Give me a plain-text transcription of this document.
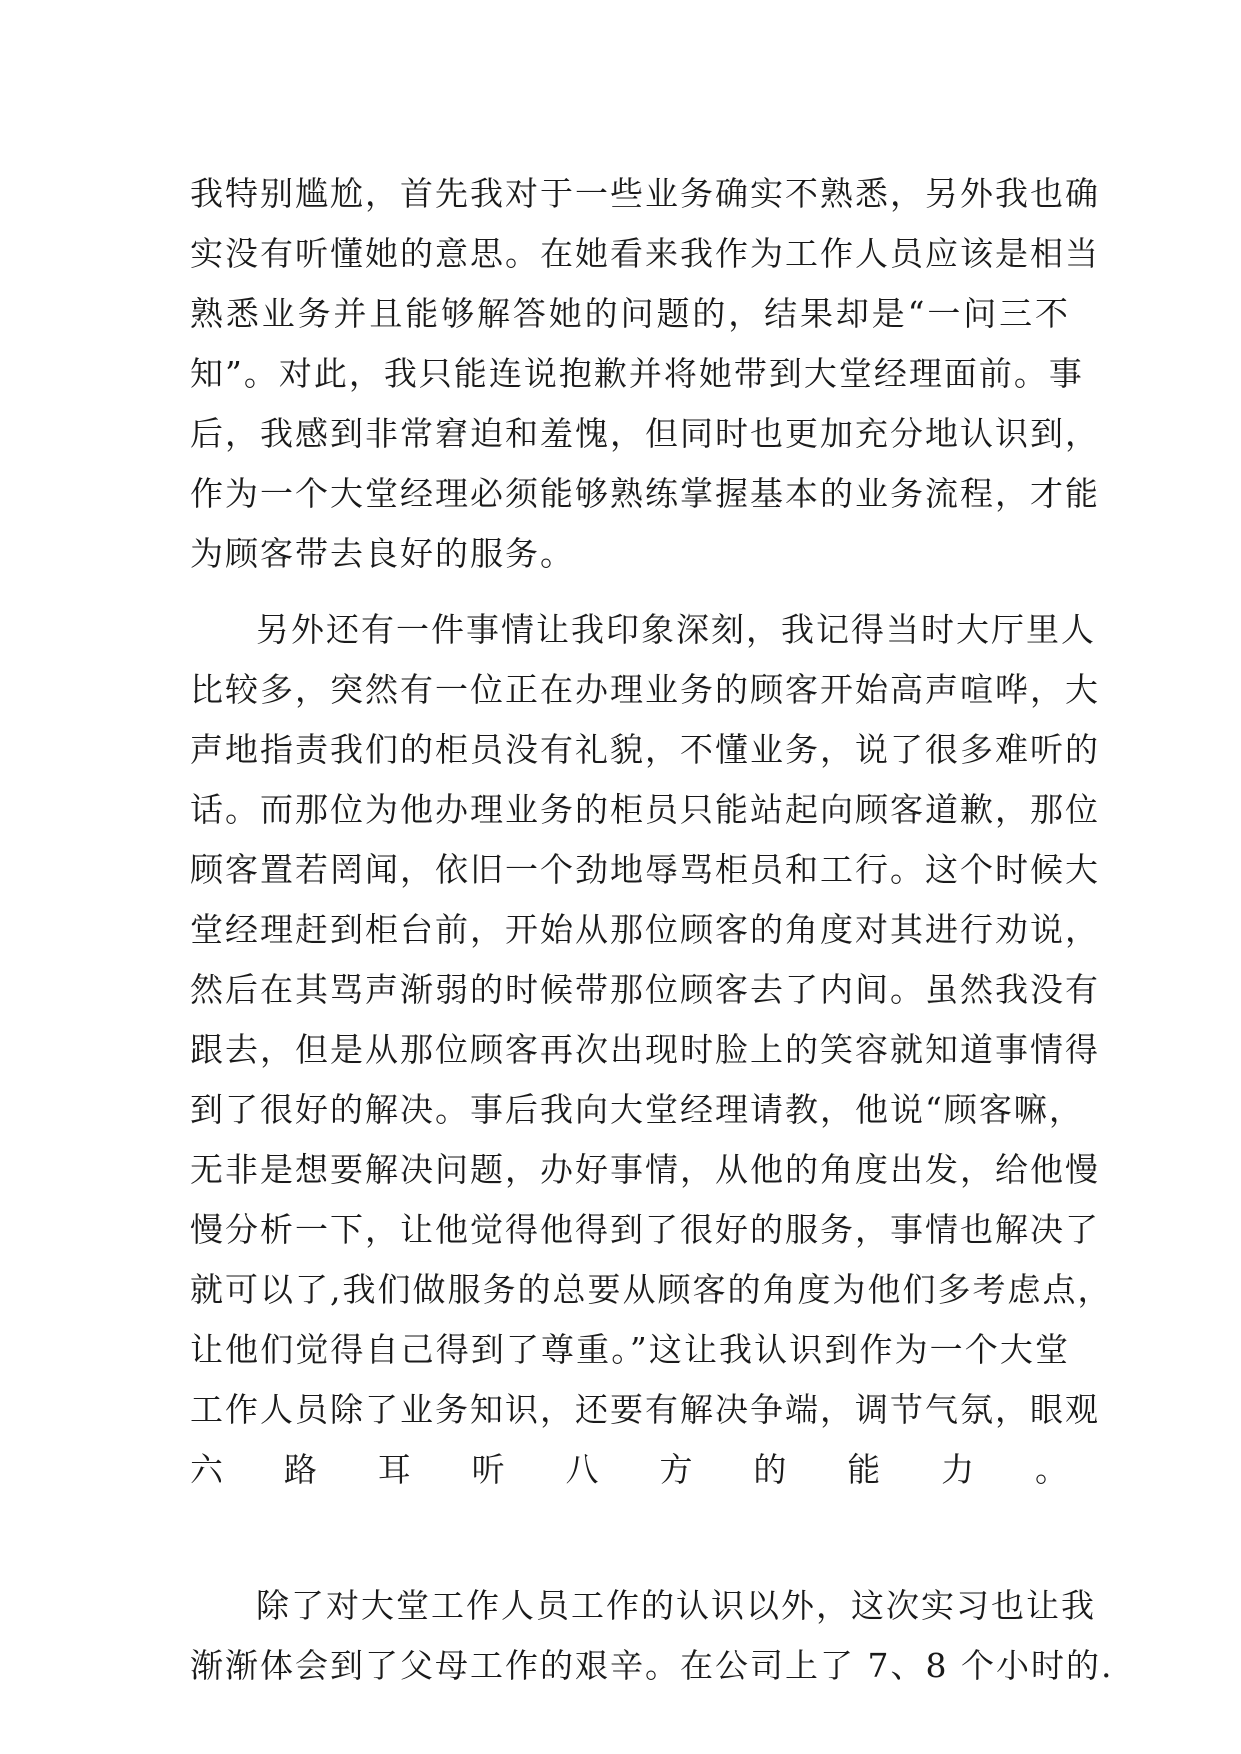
我特别尴尬，首先我对于一些业务确实不熟悉，另外我也确
实没有听懂她的意思。在她看来我作为工作人员应该是相当
熟悉业务并且能够解答她的问题的，结果却是“一问三不
知”。对此，我只能连说抱歉并将她带到大堂经理面前。事
后，我感到非常窘迫和羞愧，但同时也更加充分地认识到，
作为一个大堂经理必须能够熟练掌握基本的业务流程，才能
为顾客带去良好的服务。
另外还有一件事情让我印象深刻，我记得当时大厅里人
比较多，突然有一位正在办理业务的顾客开始高声喧哗，大
声地指责我们的柜员没有礼貌，不懂业务，说了很多难听的
话。而那位为他办理业务的柜员只能站起向顾客道歉，那位
顾客置若罔闻，依旧一个劲地辱骂柜员和工行。这个时候大
堂经理赶到柜台前，开始从那位顾客的角度对其进行劝说，
然后在其骂声渐弱的时候带那位顾客去了内间。虽然我没有
跟去，但是从那位顾客再次出现时脸上的笑容就知道事情得
到了很好的解决。事后我向大堂经理请教，他说“顾客嘛，
无非是想要解决问题，办好事情，从他的角度出发，给他慢
慢分析一下，让他觉得他得到了很好的服务，事情也解决了
就可以了,我们做服务的总要从顾客的角度为他们多考虑点，
让他们觉得自己得到了尊重。”这让我认识到作为一个大堂
工作人员除了业务知识，还要有解决争端，调节气氛，眼观
六路耳听八方的能力。
除了对大堂工作人员工作的认识以外，这次实习也让我
渐渐体会到了父母工作的艰辛。在公司上了 7、8 个小时的.
